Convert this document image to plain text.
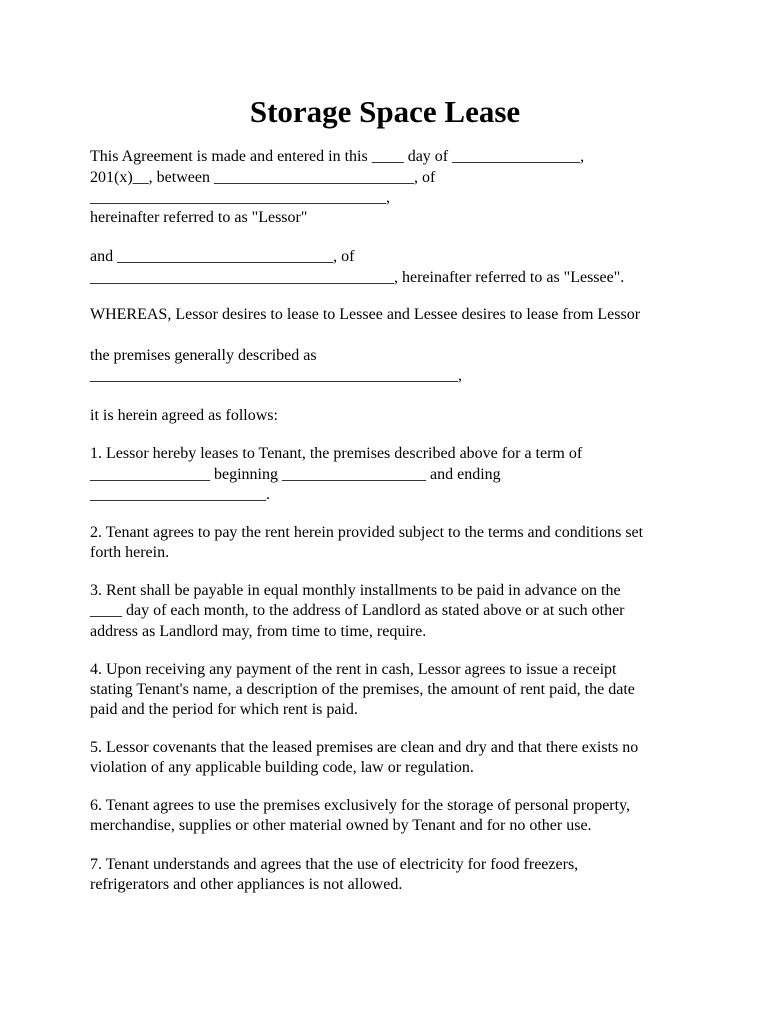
Storage Space Lease
This Agreement is made and entered in this ____ day of ________________,
201(x)__, between _________________________, of
_____________________________________,
hereinafter referred to as "Lessor"
and ___________________________, of
______________________________________, hereinafter referred to as "Lessee".
WHEREAS, Lessor desires to lease to Lessee and Lessee desires to lease from Lessor
the premises generally described as
______________________________________________,
it is herein agreed as follows:
1. Lessor hereby leases to Tenant, the premises described above for a term of
_______________ beginning __________________ and ending
______________________.
2. Tenant agrees to pay the rent herein provided subject to the terms and conditions set
forth herein.
3. Rent shall be payable in equal monthly installments to be paid in advance on the
____ day of each month, to the address of Landlord as stated above or at such other
address as Landlord may, from time to time, require.
4. Upon receiving any payment of the rent in cash, Lessor agrees to issue a receipt
stating Tenant's name, a description of the premises, the amount of rent paid, the date
paid and the period for which rent is paid.
5. Lessor covenants that the leased premises are clean and dry and that there exists no
violation of any applicable building code, law or regulation.
6. Tenant agrees to use the premises exclusively for the storage of personal property,
merchandise, supplies or other material owned by Tenant and for no other use.
7. Tenant understands and agrees that the use of electricity for food freezers,
refrigerators and other appliances is not allowed.
